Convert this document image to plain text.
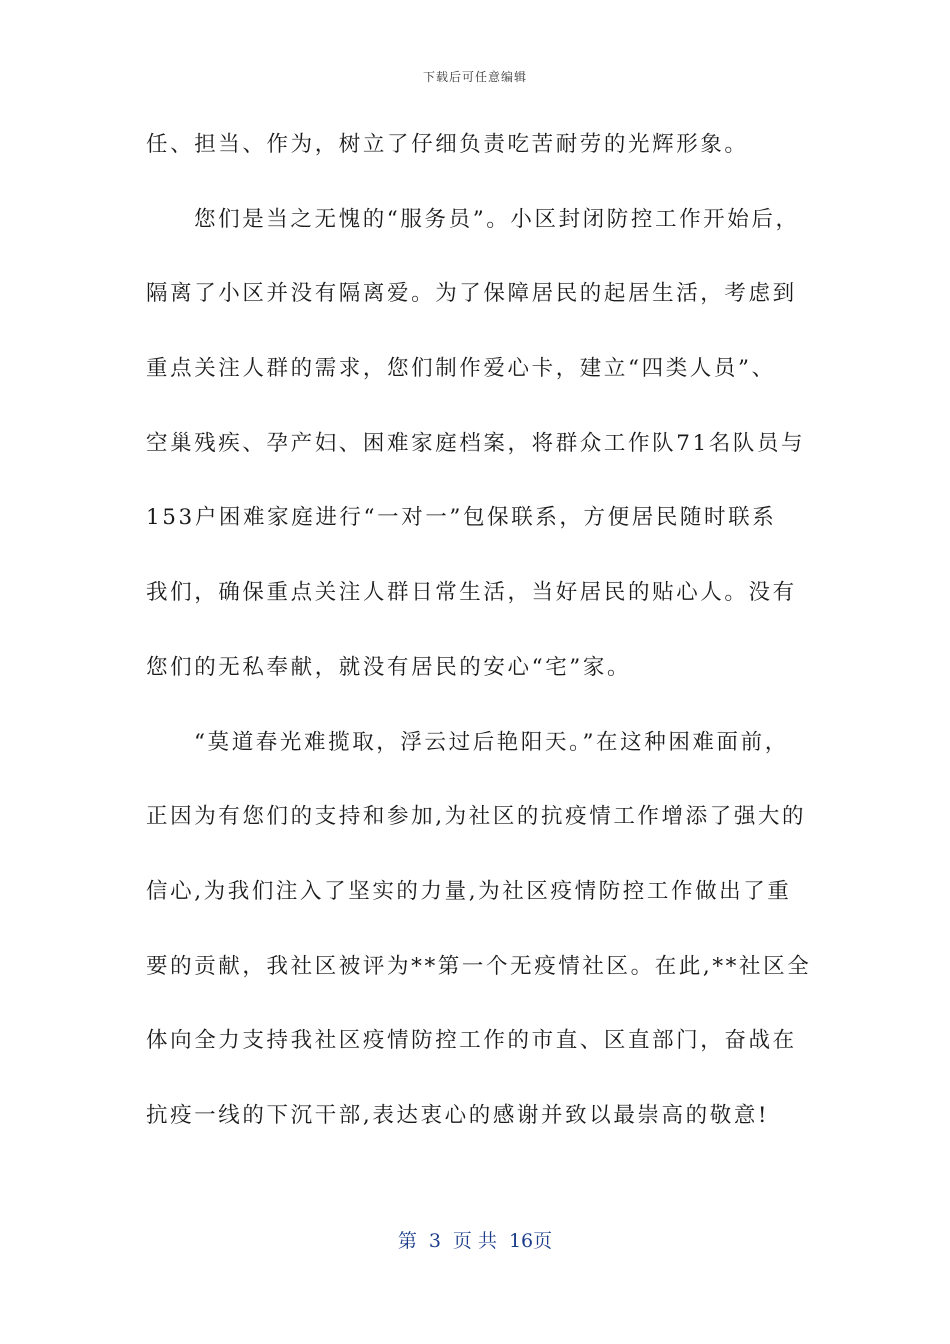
下载后可任意编辑
任、担当、作为，树立了仔细负责吃苦耐劳的光辉形象。
您们是当之无愧的“服务员”。小区封闭防控工作开始后，
隔离了小区并没有隔离爱。为了保障居民的起居生活，考虑到
重点关注人群的需求，您们制作爱心卡，建立“四类人员”、
空巢残疾、孕产妇、困难家庭档案，将群众工作队71名队员与
153户困难家庭进行“一对一”包保联系，方便居民随时联系
我们，确保重点关注人群日常生活，当好居民的贴心人。没有
您们的无私奉献，就没有居民的安心“宅”家。
“莫道春光难揽取，浮云过后艳阳天。”在这种困难面前，
正因为有您们的支持和参加,为社区的抗疫情工作增添了强大的
信心,为我们注入了坚实的力量,为社区疫情防控工作做出了重
要的贡献，我社区被评为**第一个无疫情社区。在此,**社区全
体向全力支持我社区疫情防控工作的市直、区直部门，奋战在
抗疫一线的下沉干部,表达衷心的感谢并致以最崇高的敬意!
第 3 页 共 16页
